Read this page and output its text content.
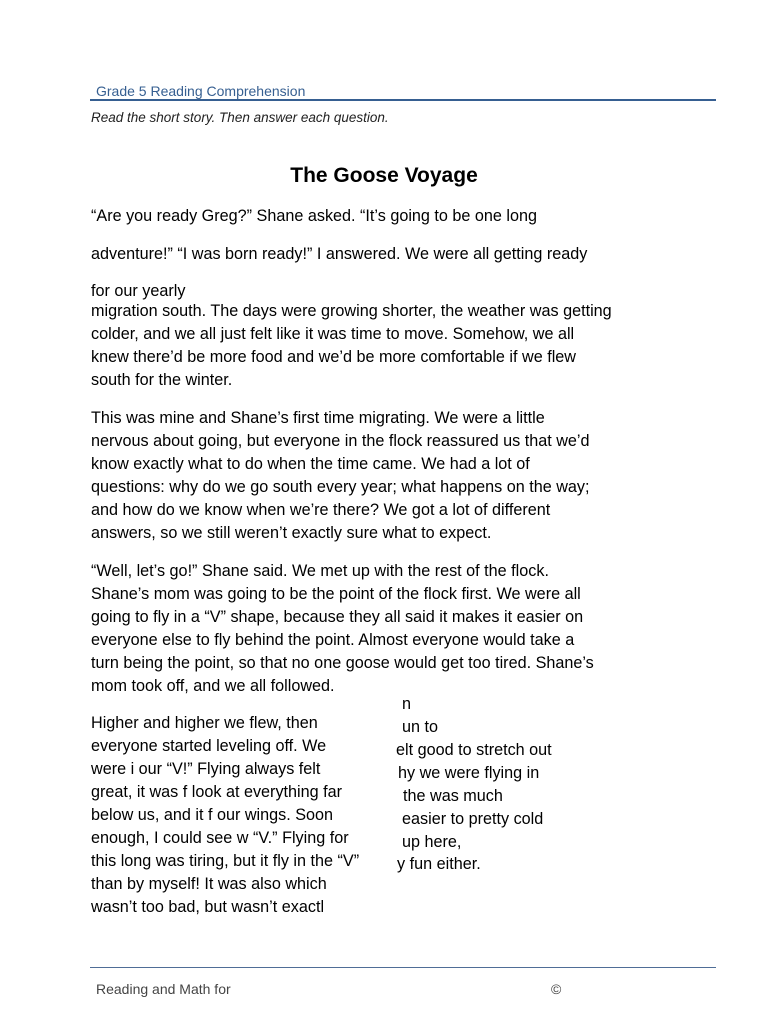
Grade 5 Reading Comprehension
Read the short story. Then answer each question.
The Goose Voyage
“Are you ready Greg?” Shane asked. “It’s going to be one long
adventure!” “I was born ready!” I answered. We were all getting ready
for our yearly
migration south. The days were growing shorter, the weather was getting
colder, and we all just felt like it was time to move. Somehow, we all
knew there’d be more food and we’d be more comfortable if we flew
south for the winter.
This was mine and Shane’s first time migrating. We were a little
nervous about going, but everyone in the flock reassured us that we’d
know exactly what to do when the time came. We had a lot of
questions: why do we go south every year; what happens on the way;
and how do we know when we’re there? We got a lot of different
answers, so we still weren’t exactly sure what to expect.
“Well, let’s go!” Shane said. We met up with the rest of the flock.
Shane’s mom was going to be the point of the flock first. We were all
going to fly in a “V” shape, because they all said it makes it easier on
everyone else to fly behind the point. Almost everyone would take a
turn being the point, so that no one goose would get too tired. Shane’s
mom took off, and we all followed.
Higher and higher we flew, then
everyone started leveling off. We
were i our “V!” Flying always felt
great, it was f look at everything far
below us, and it f our wings. Soon
enough, I could see w “V.” Flying for
this long was tiring, but it fly in the “V”
than by myself! It was also which
wasn’t too bad, but wasn’t exactl
n
un to
elt good to stretch out
hy we were flying in
the was much
easier to pretty cold
up here,
y fun either.
Reading and Math for	©
